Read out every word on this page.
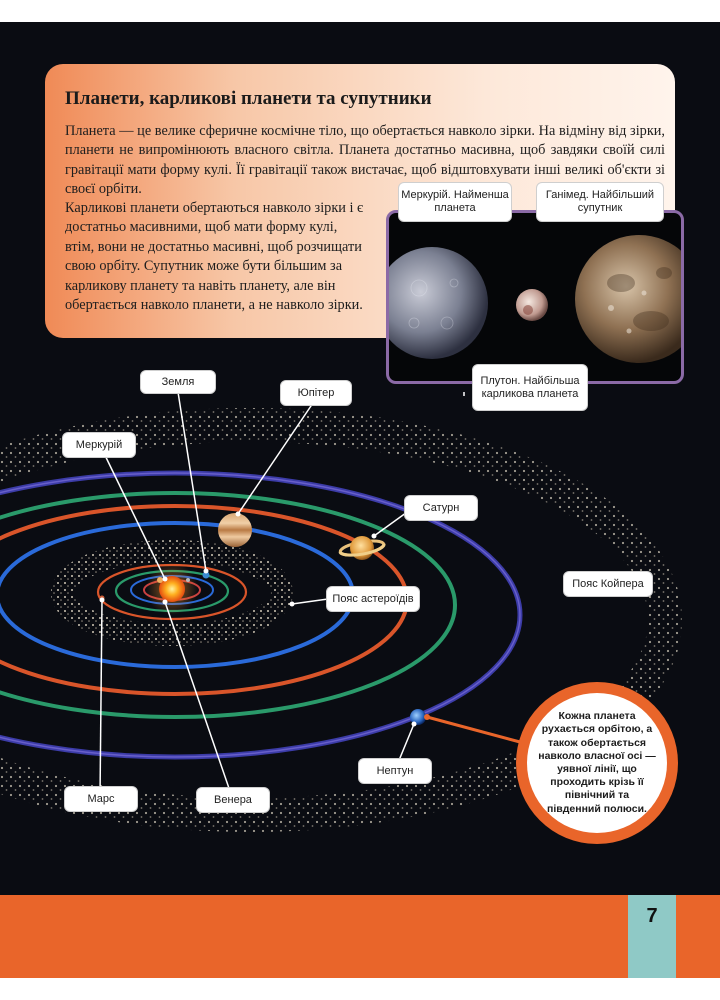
Планети, карликові планети та супутники
Планета — це велике сферичне космічне тіло, що обертається навколо зірки. На відміну від зірки, планети не випромінюють власного світла. Планета достатньо масивна, щоб завдяки своїй силі гравітації мати форму кулі. Її гравітації також вистачає, щоб відштовхувати інші великі об'єкти зі своєї орбіти.
Карликові планети обертаються навколо зірки і є достатньо масивними, щоб мати форму кулі, втім, вони не достатньо масивні, щоб розчищати свою орбіту. Супутник може бути більшим за карликову планету та навіть планету, але він обертається навколо планети, а не навколо зірки.
Меркурій. Найменша планета
Ганімед. Найбільший супутник
Плутон. Найбільша карликова планета
Земля
Юпітер
Меркурій
Сатурн
Пояс астероїдів
Пояс Койпера
Марс	Венера
Нептун
Кожна планета рухається орбітою, а також обертається навколо власної осі — уявної лінії, що проходить крізь її північний та південний полюси.
7
